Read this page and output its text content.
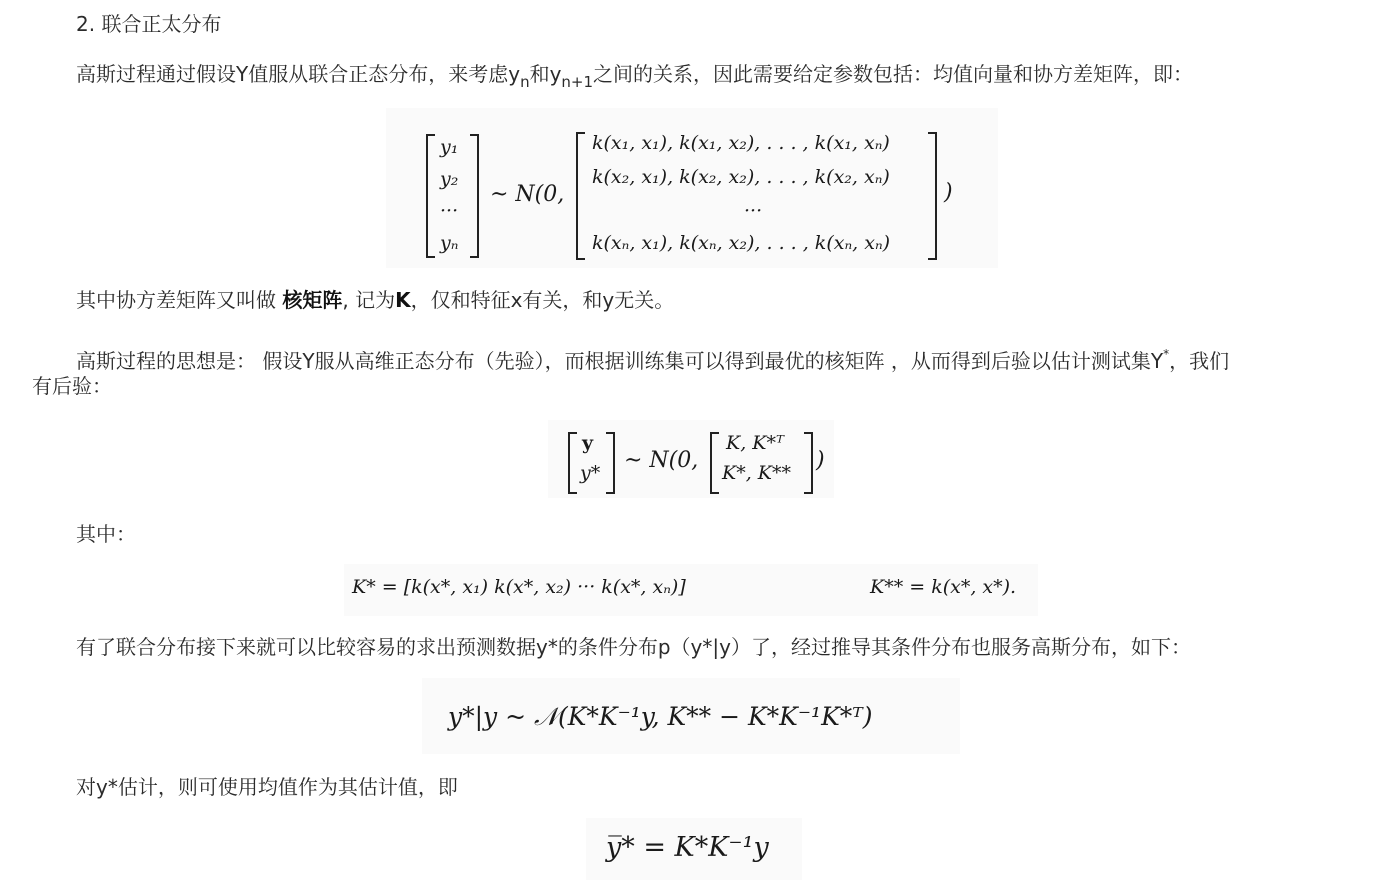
2. 联合正太分布
高斯过程通过假设Y值服从联合正态分布，来考虑$y_n$和$y_{n+1}$之间的关系，因此需要给定参数包括：均值向量和协方差矩阵，即：
y₁
y₂
···
yₙ
~ N(0,
k(x₁, x₁), k(x₁, x₂), . . . , k(x₁, xₙ)
k(x₂, x₁), k(x₂, x₂), . . . , k(x₂, xₙ)
···
k(xₙ, x₁), k(xₙ, x₂), . . . , k(xₙ, xₙ)
)
其中协方差矩阵又叫做 核矩阵, 记为K，仅和特征x有关，和y无关。
高斯过程的思想是： 假设Y服从高维正态分布（先验），而根据训练集可以得到最优的核矩阵 ，从而得到后验以估计测试集Y*，我们
有后验：
y
y* ~ N(0,
K, K*ᵀ
K*, K** )
其中：
K* = [k(x*, x₁) k(x*, x₂) ··· k(x*, xₙ)]	K** = k(x*, x*).
有了联合分布接下来就可以比较容易的求出预测数据y*的条件分布p（y*|y）了，经过推导其条件分布也服务高斯分布，如下：
y*|y ~ 𝒩(K*K⁻¹y, K** − K*K⁻¹K*ᵀ)
对y*估计，则可使用均值作为其估计值，即
y̅* = K*K⁻¹y
